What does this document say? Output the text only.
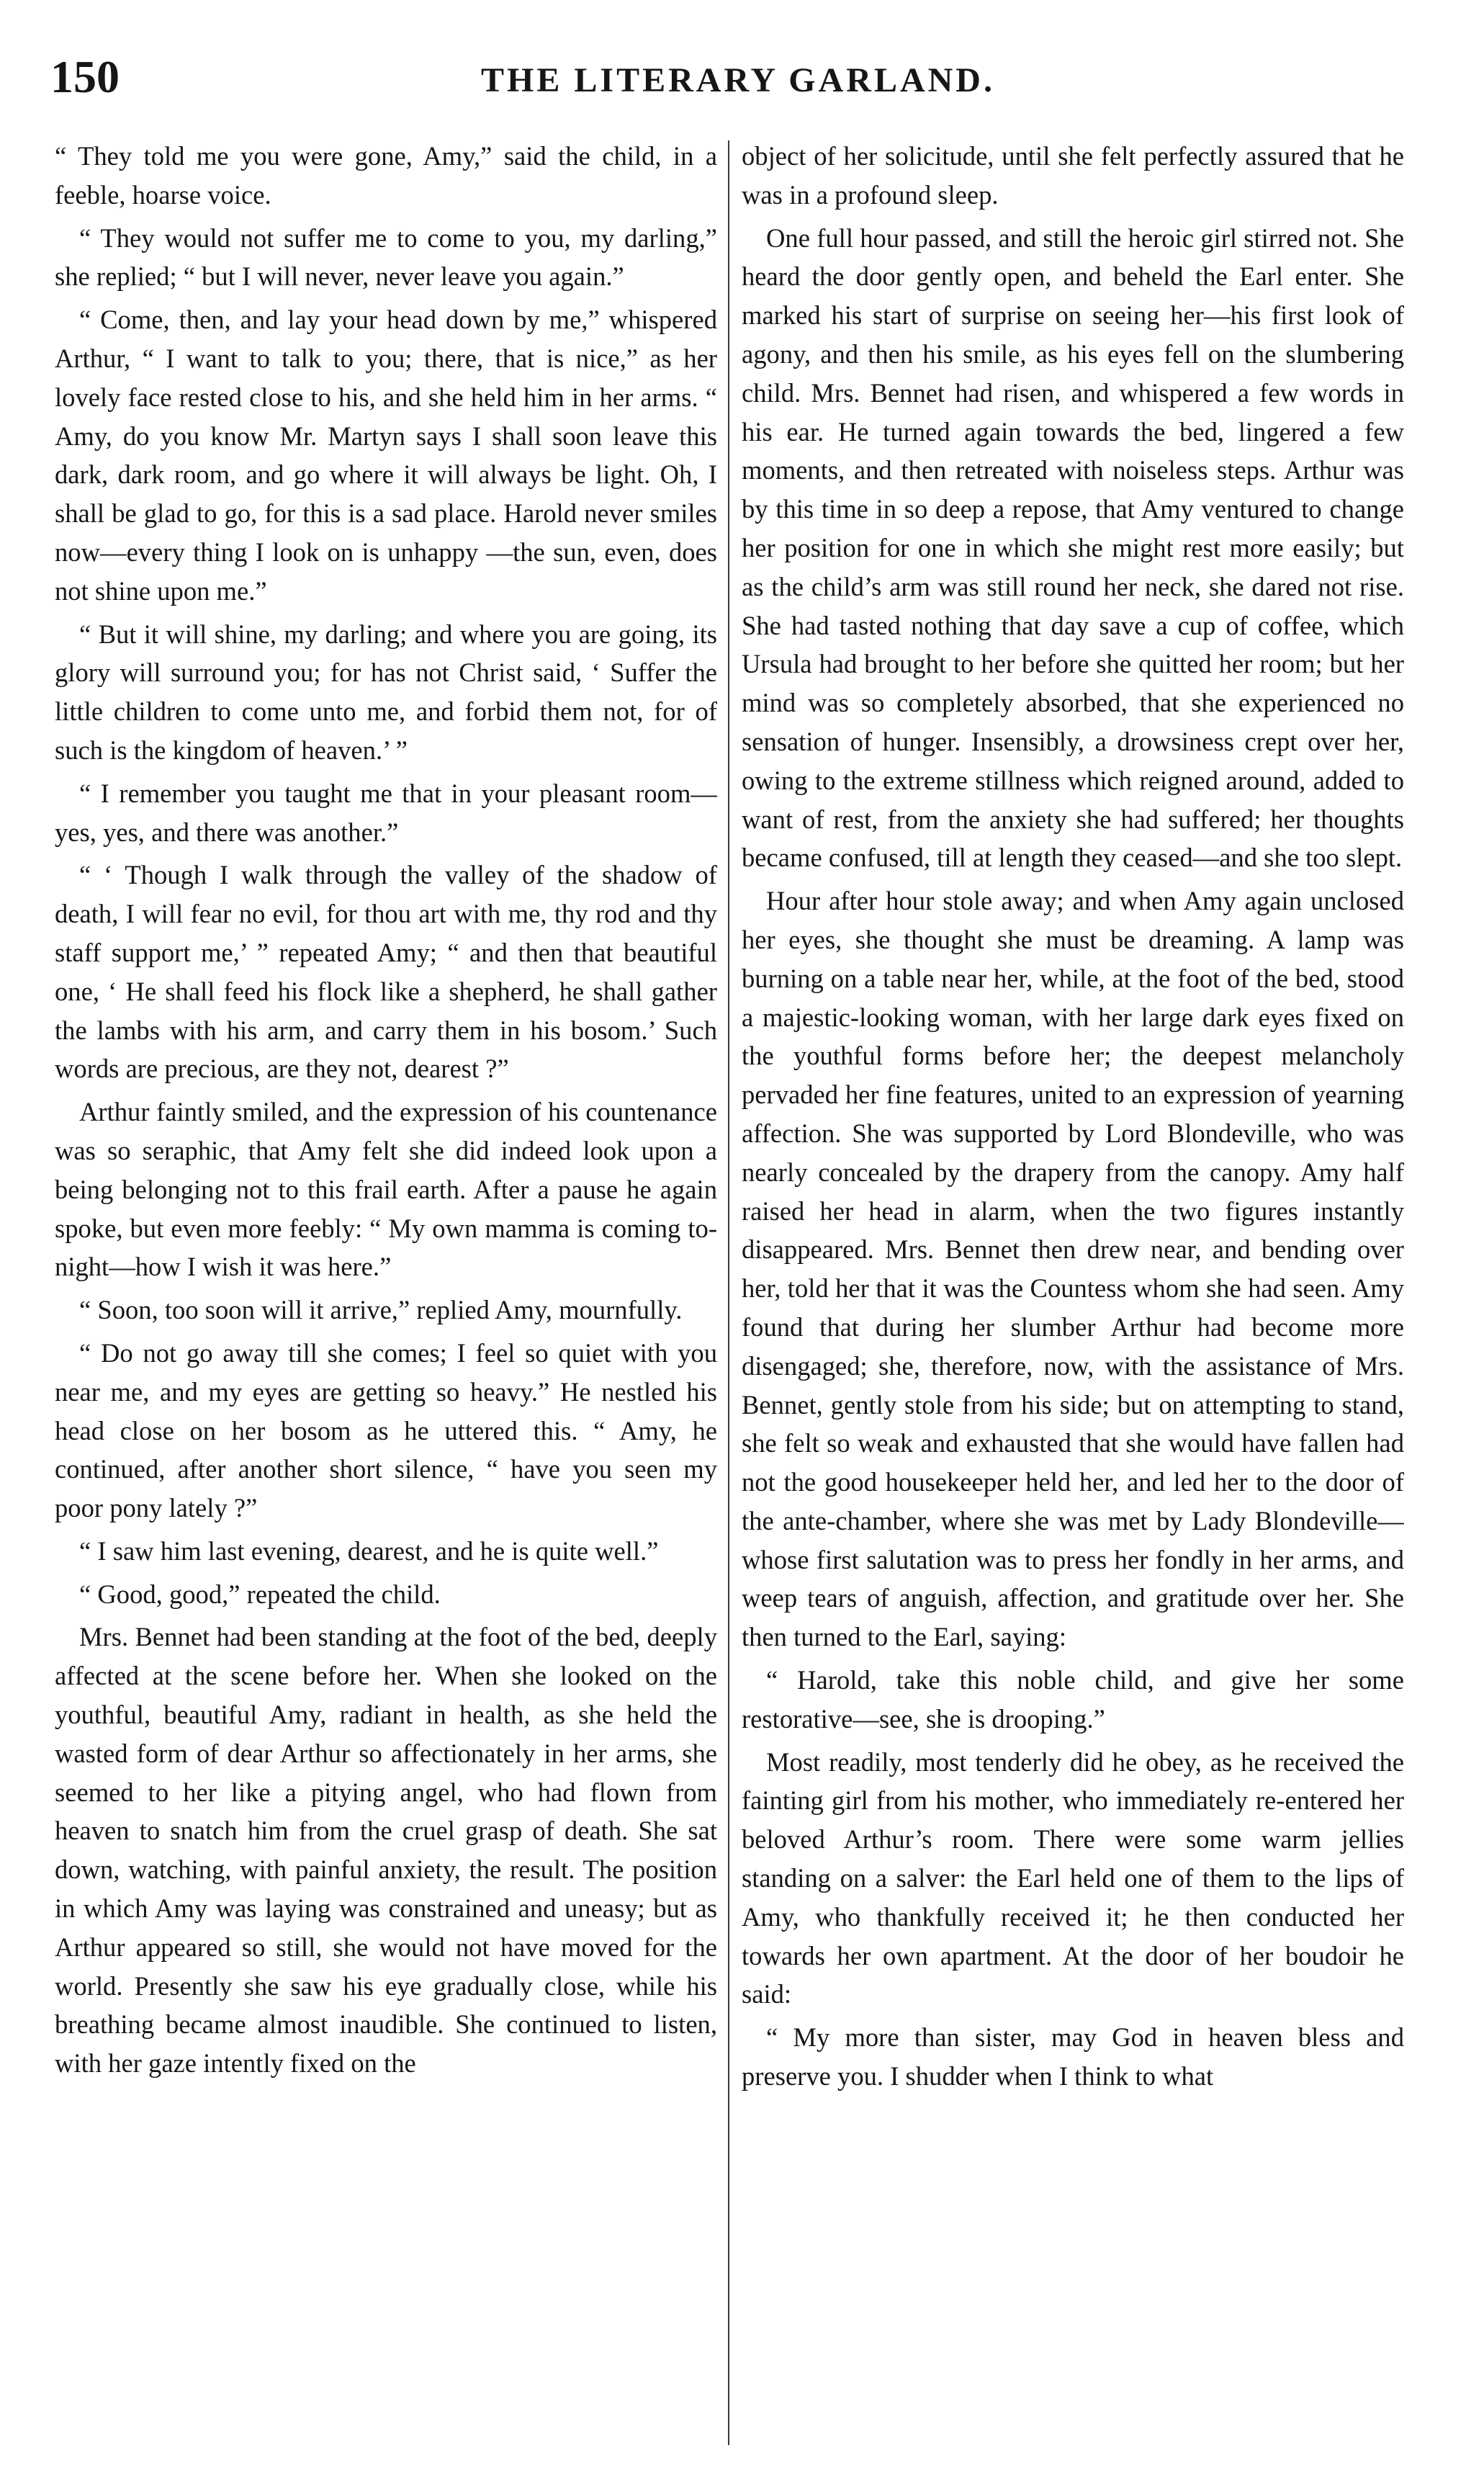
150	THE LITERARY GARLAND.

“ They told me you were gone, Amy,” said the child, in a feeble, hoarse voice.

“ They would not suffer me to come to you, my darling,” she replied; “ but I will never, never leave you again.”

“ Come, then, and lay your head down by me,” whispered Arthur, “ I want to talk to you; there, that is nice,” as her lovely face rested close to his, and she held him in her arms. “ Amy, do you know Mr. Martyn says I shall soon leave this dark, dark room, and go where it will always be light. Oh, I shall be glad to go, for this is a sad place. Harold never smiles now—every thing I look on is unhappy —the sun, even, does not shine upon me.”

“ But it will shine, my darling; and where you are going, its glory will surround you; for has not Christ said, ‘ Suffer the little children to come unto me, and forbid them not, for of such is the kingdom of heaven.’ ”

“ I remember you taught me that in your pleasant room—yes, yes, and there was another.”

“ ‘ Though I walk through the valley of the shadow of death, I will fear no evil, for thou art with me, thy rod and thy staff support me,’ ” repeated Amy; “ and then that beautiful one, ‘ He shall feed his flock like a shepherd, he shall gather the lambs with his arm, and carry them in his bosom.’ Such words are precious, are they not, dearest ?”

Arthur faintly smiled, and the expression of his countenance was so seraphic, that Amy felt she did indeed look upon a being belonging not to this frail earth. After a pause he again spoke, but even more feebly: “ My own mamma is coming to-night—how I wish it was here.”

“ Soon, too soon will it arrive,” replied Amy, mournfully.

“ Do not go away till she comes; I feel so quiet with you near me, and my eyes are getting so heavy.” He nestled his head close on her bosom as he uttered this. “ Amy, he continued, after another short silence, “ have you seen my poor pony lately ?”

“ I saw him last evening, dearest, and he is quite well.”

“ Good, good,” repeated the child.

Mrs. Bennet had been standing at the foot of the bed, deeply affected at the scene before her. When she looked on the youthful, beautiful Amy, radiant in health, as she held the wasted form of dear Arthur so affectionately in her arms, she seemed to her like a pitying angel, who had flown from heaven to snatch him from the cruel grasp of death. She sat down, watching, with painful anxiety, the result. The position in which Amy was laying was constrained and uneasy; but as Arthur appeared so still, she would not have moved for the world. Presently she saw his eye gradually close, while his breathing became almost inaudible. She continued to listen, with her gaze intently fixed on the

object of her solicitude, until she felt perfectly assured that he was in a profound sleep.

One full hour passed, and still the heroic girl stirred not. She heard the door gently open, and beheld the Earl enter. She marked his start of surprise on seeing her—his first look of agony, and then his smile, as his eyes fell on the slumbering child. Mrs. Bennet had risen, and whispered a few words in his ear. He turned again towards the bed, lingered a few moments, and then retreated with noiseless steps. Arthur was by this time in so deep a repose, that Amy ventured to change her position for one in which she might rest more easily; but as the child’s arm was still round her neck, she dared not rise. She had tasted nothing that day save a cup of coffee, which Ursula had brought to her before she quitted her room; but her mind was so completely absorbed, that she experienced no sensation of hunger. Insensibly, a drowsiness crept over her, owing to the extreme stillness which reigned around, added to want of rest, from the anxiety she had suffered; her thoughts became confused, till at length they ceased—and she too slept.

Hour after hour stole away; and when Amy again unclosed her eyes, she thought she must be dreaming. A lamp was burning on a table near her, while, at the foot of the bed, stood a majestic-looking woman, with her large dark eyes fixed on the youthful forms before her; the deepest melancholy pervaded her fine features, united to an expression of yearning affection. She was supported by Lord Blondeville, who was nearly concealed by the drapery from the canopy. Amy half raised her head in alarm, when the two figures instantly disappeared. Mrs. Bennet then drew near, and bending over her, told her that it was the Countess whom she had seen. Amy found that during her slumber Arthur had become more disengaged; she, therefore, now, with the assistance of Mrs. Bennet, gently stole from his side; but on attempting to stand, she felt so weak and exhausted that she would have fallen had not the good housekeeper held her, and led her to the door of the ante-chamber, where she was met by Lady Blondeville—whose first salutation was to press her fondly in her arms, and weep tears of anguish, affection, and gratitude over her. She then turned to the Earl, saying:

“ Harold, take this noble child, and give her some restorative—see, she is drooping.”

Most readily, most tenderly did he obey, as he received the fainting girl from his mother, who immediately re-entered her beloved Arthur’s room. There were some warm jellies standing on a salver: the Earl held one of them to the lips of Amy, who thankfully received it; he then conducted her towards her own apartment. At the door of her boudoir he said:

“ My more than sister, may God in heaven bless and preserve you. I shudder when I think to what
